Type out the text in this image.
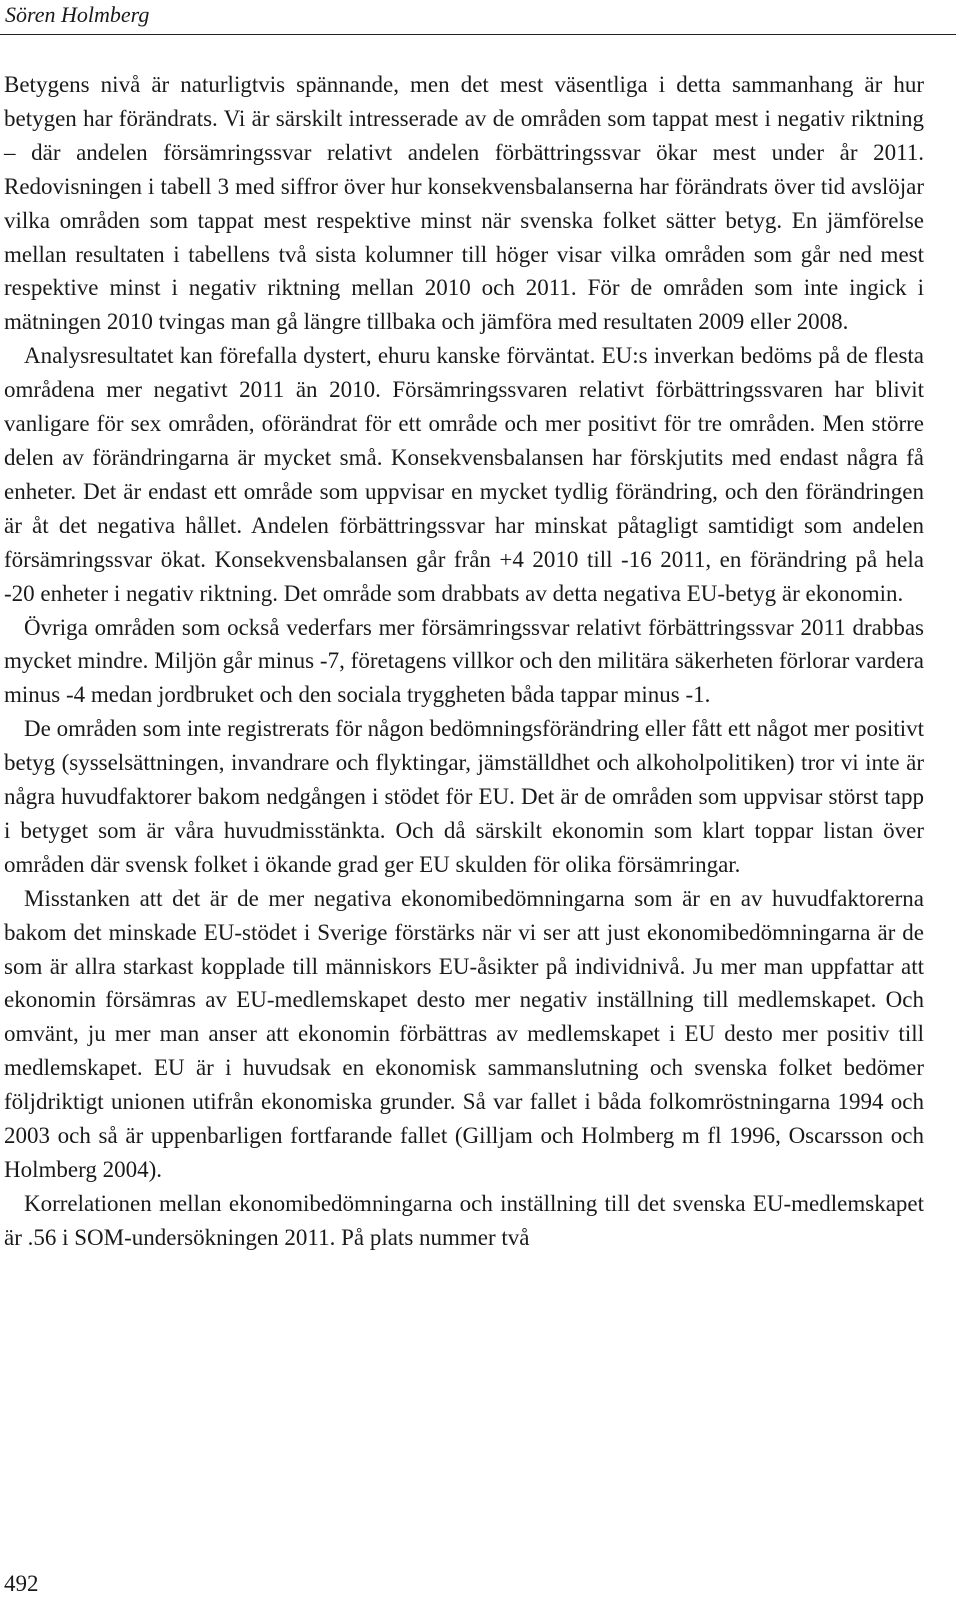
Sören Holmberg

Betygens nivå är naturligtvis spännande, men det mest väsentliga i detta sammanhang är hur betygen har förändrats. Vi är särskilt intresserade av de områden som tappat mest i negativ riktning – där andelen försämringssvar relativt andelen förbättringssvar ökar mest under år 2011. Redovisningen i tabell 3 med siffror över hur konsekvensbalanserna har förändrats över tid avslöjar vilka områden som tappat mest respektive minst när svenska folket sätter betyg. En jämförelse mellan resultaten i tabellens två sista kolumner till höger visar vilka områden som går ned mest respektive minst i negativ riktning mellan 2010 och 2011. För de områden som inte ingick i mätningen 2010 tvingas man gå längre tillbaka och jämföra med resultaten 2009 eller 2008.

Analysresultatet kan förefalla dystert, ehuru kanske förväntat. EU:s inverkan bedöms på de flesta områdena mer negativt 2011 än 2010. Försämringssvaren relativt förbättringssvaren har blivit vanligare för sex områden, oförändrat för ett område och mer positivt för tre områden. Men större delen av förändringarna är mycket små. Konsekvensbalansen har förskjutits med endast några få enheter. Det är endast ett område som uppvisar en mycket tydlig förändring, och den förändringen är åt det negativa hållet. Andelen förbättringssvar har minskat påtagligt samtidigt som andelen försämringssvar ökat. Konsekvensbalansen går från +4 2010 till -16 2011, en förändring på hela -20 enheter i negativ riktning. Det område som drabbats av detta negativa EU-betyg är ekonomin.

Övriga områden som också vederfars mer försämringssvar relativt förbättringssvar 2011 drabbas mycket mindre. Miljön går minus -7, företagens villkor och den militära säkerheten förlorar vardera minus -4 medan jordbruket och den sociala tryggheten båda tappar minus -1.

De områden som inte registrerats för någon bedömningsförändring eller fått ett något mer positivt betyg (sysselsättningen, invandrare och flyktingar, jämställdhet och alkoholpolitiken) tror vi inte är några huvudfaktorer bakom nedgången i stödet för EU. Det är de områden som uppvisar störst tapp i betyget som är våra huvudmisstänkta. Och då särskilt ekonomin som klart toppar listan över områden där svensk folket i ökande grad ger EU skulden för olika försämringar.

Misstanken att det är de mer negativa ekonomibedömningarna som är en av huvudfaktorerna bakom det minskade EU-stödet i Sverige förstärks när vi ser att just ekonomibedömningarna är de som är allra starkast kopplade till människors EU-åsikter på individnivå. Ju mer man uppfattar att ekonomin försämras av EU-medlemskapet desto mer negativ inställning till medlemskapet. Och omvänt, ju mer man anser att ekonomin förbättras av medlemskapet i EU desto mer positiv till medlemskapet. EU är i huvudsak en ekonomisk sammanslutning och svenska folket bedömer följdriktigt unionen utifrån ekonomiska grunder. Så var fallet i båda folkomröstningarna 1994 och 2003 och så är uppenbarligen fortfarande fallet (Gilljam och Holmberg m fl 1996, Oscarsson och Holmberg 2004).

Korrelationen mellan ekonomibedömningarna och inställning till det svenska EU-medlemskapet är .56 i SOM-undersökningen 2011. På plats nummer två

492
